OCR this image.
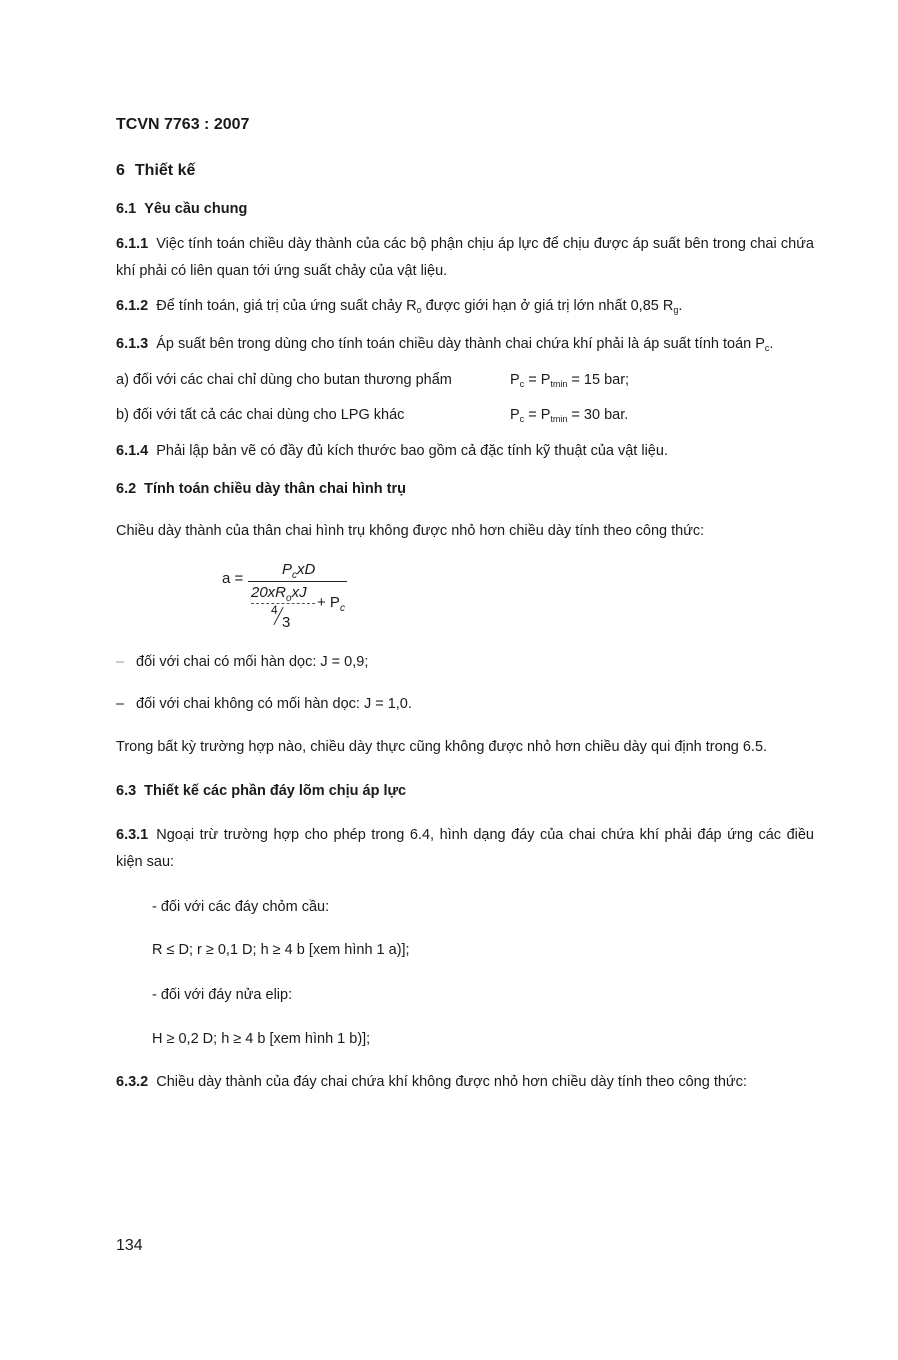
TCVN 7763 : 2007
6 Thiết kế
6.1 Yêu cầu chung
6.1.1 Việc tính toán chiều dày thành của các bộ phận chịu áp lực để chịu được áp suất bên trong chai chứa khí phải có liên quan tới ứng suất chảy của vật liệu.
6.1.2 Để tính toán, giá trị của ứng suất chảy $R_o$ được giới hạn ở giá trị lớn nhất 0,85 $R_g$.
6.1.3 Áp suất bên trong dùng cho tính toán chiều dày thành chai chứa khí phải là áp suất tính toán $P_c$.
a) đối với các chai chỉ dùng cho butan thương phẩm	$P_c = P_{tmin} = 15$ bar;
b) đối với tất cả các chai dùng cho LPG khác	$P_c = P_{tmin} = 30$ bar.
6.1.4 Phải lập bản vẽ có đầy đủ kích thước bao gồm cả đặc tính kỹ thuật của vật liệu.
6.2 Tính toán chiều dày thân chai hình trụ
Chiều dày thành của thân chai hình trụ không được nhỏ hơn chiều dày tính theo công thức:
a =
$P_cxD$
$20xR_oxJ$
+ $P_c$
4
3
– đối với chai có mối hàn dọc: J = 0,9;
– đối với chai không có mối hàn dọc: J = 1,0.
Trong bất kỳ trường hợp nào, chiều dày thực cũng không được nhỏ hơn chiều dày qui định trong 6.5.
6.3 Thiết kế các phần đáy lõm chịu áp lực
6.3.1 Ngoại trừ trường hợp cho phép trong 6.4, hình dạng đáy của chai chứa khí phải đáp ứng các điều kiện sau:
- đối với các đáy chỏm cầu:
R ≤ D; r ≥ 0,1 D; h ≥ 4 b [xem hình 1 a)];
- đối với đáy nửa elip:
H ≥ 0,2 D; h ≥ 4 b [xem hình 1 b)];
6.3.2 Chiều dày thành của đáy chai chứa khí không được nhỏ hơn chiều dày tính theo công thức:
134
